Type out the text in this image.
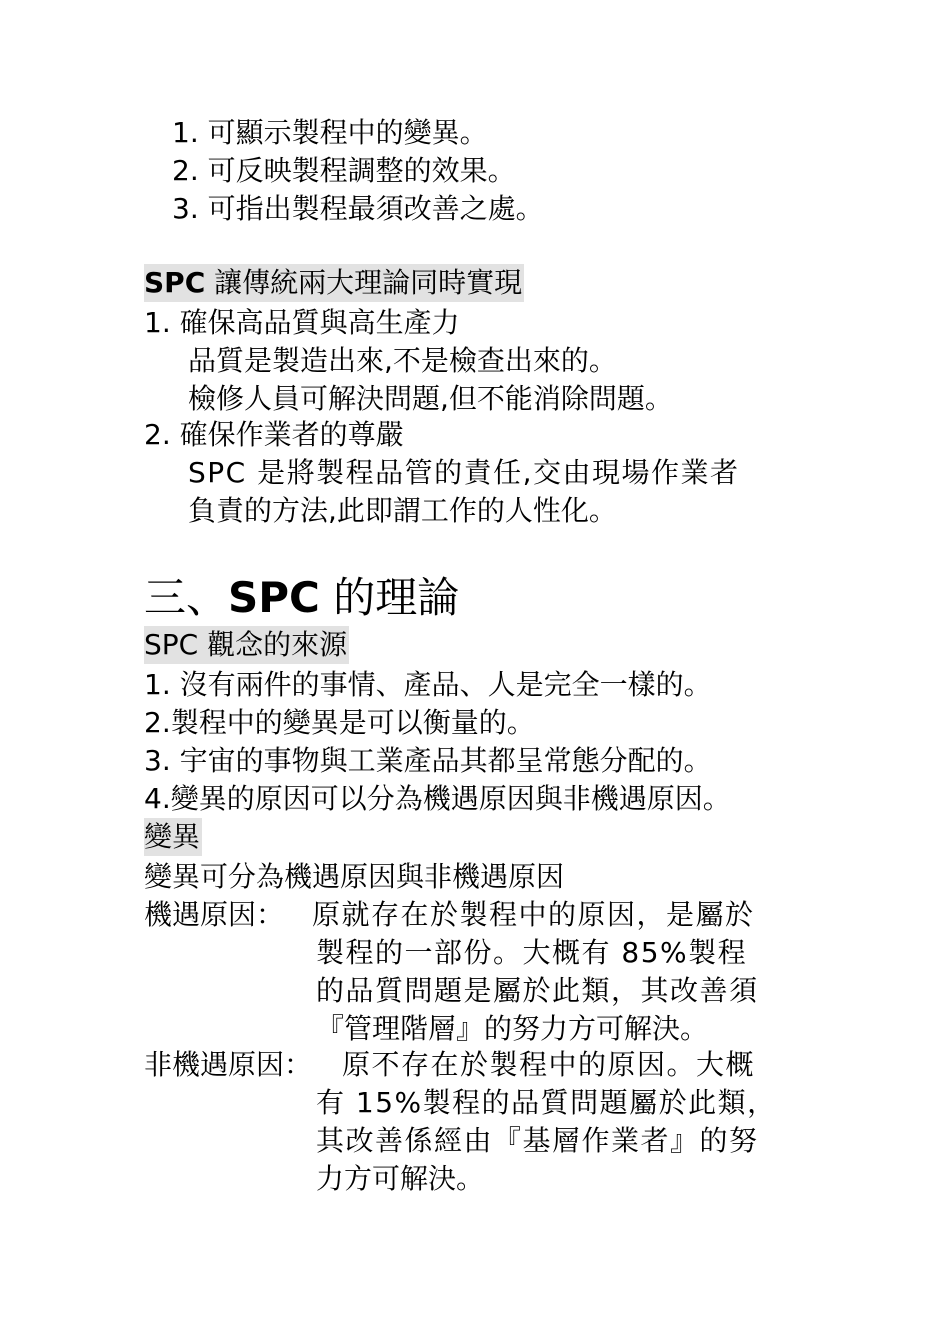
1. 可顯示製程中的變異。
2. 可反映製程調整的效果。
3. 可指出製程最須改善之處。
SPC 讓傳統兩大理論同時實現
1. 確保高品質與高生產力
品質是製造出來,不是檢查出來的。
檢修人員可解決問題,但不能消除問題。
2. 確保作業者的尊嚴
SPC 是將製程品管的責任,交由現場作業者
負責的方法,此即謂工作的人性化。
三、SPC 的理論
SPC 觀念的來源
1. 沒有兩件的事情、產品、人是完全一樣的。
2.製程中的變異是可以衡量的。
3. 宇宙的事物與工業產品其都呈常態分配的。
4.變異的原因可以分為機遇原因與非機遇原因。
變異
變異可分為機遇原因與非機遇原因
機遇原因： 原就存在於製程中的原因，是屬於
製程的一部份。大概有 85%製程
的品質問題是屬於此類，其改善須
『管理階層』的努力方可解決。
非機遇原因： 原不存在於製程中的原因。大概
有 15%製程的品質問題屬於此類，
其改善係經由『基層作業者』的努
力方可解決。
